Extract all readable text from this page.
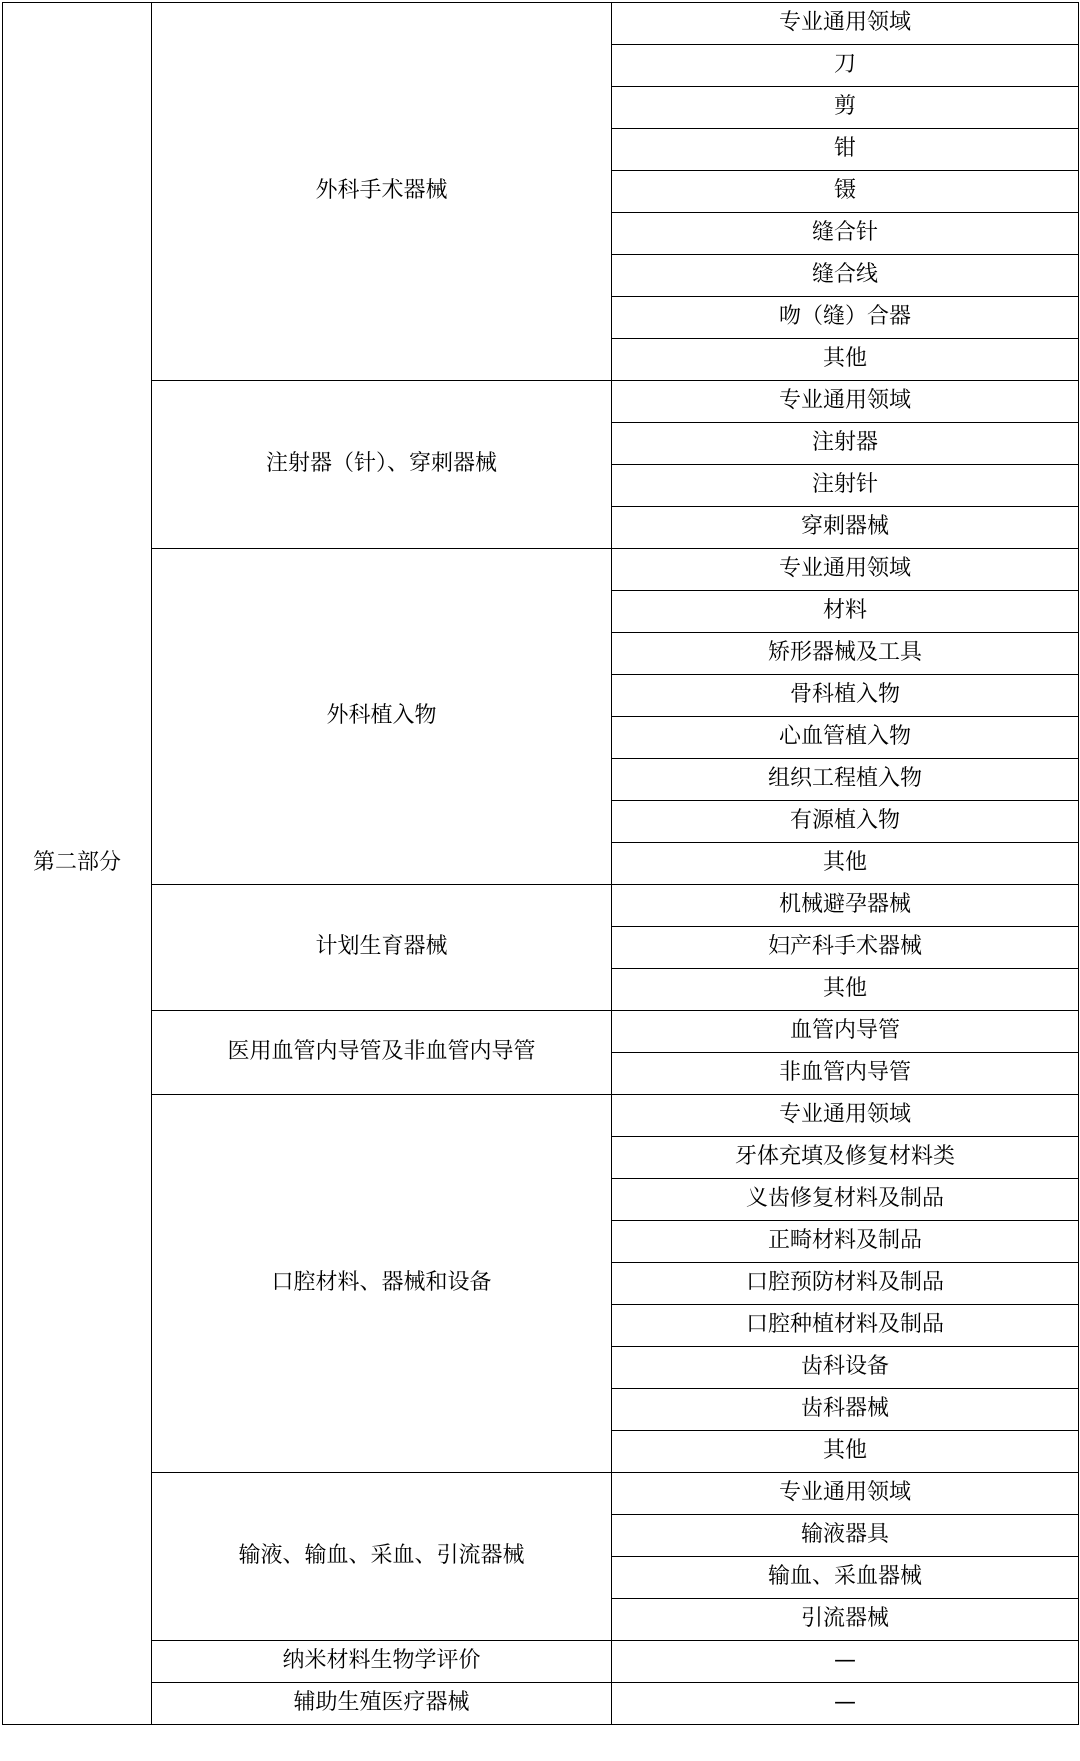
第二部分	外科手术器械	专业通用领域
		刀
		剪
		钳
		镊
		缝合针
		缝合线
		吻（缝）合器
		其他
	注射器（针）、穿刺器械	专业通用领域
		注射器
		注射针
		穿刺器械
	外科植入物	专业通用领域
		材料
		矫形器械及工具
		骨科植入物
		心血管植入物
		组织工程植入物
		有源植入物
		其他
	计划生育器械	机械避孕器械
		妇产科手术器械
		其他
	医用血管内导管及非血管内导管	血管内导管
		非血管内导管
	口腔材料、器械和设备	专业通用领域
		牙体充填及修复材料类
		义齿修复材料及制品
		正畸材料及制品
		口腔预防材料及制品
		口腔种植材料及制品
		齿科设备
		齿科器械
		其他
	输液、输血、采血、引流器械	专业通用领域
		输液器具
		输血、采血器械
		引流器械
	纳米材料生物学评价	—
	辅助生殖医疗器械	—
